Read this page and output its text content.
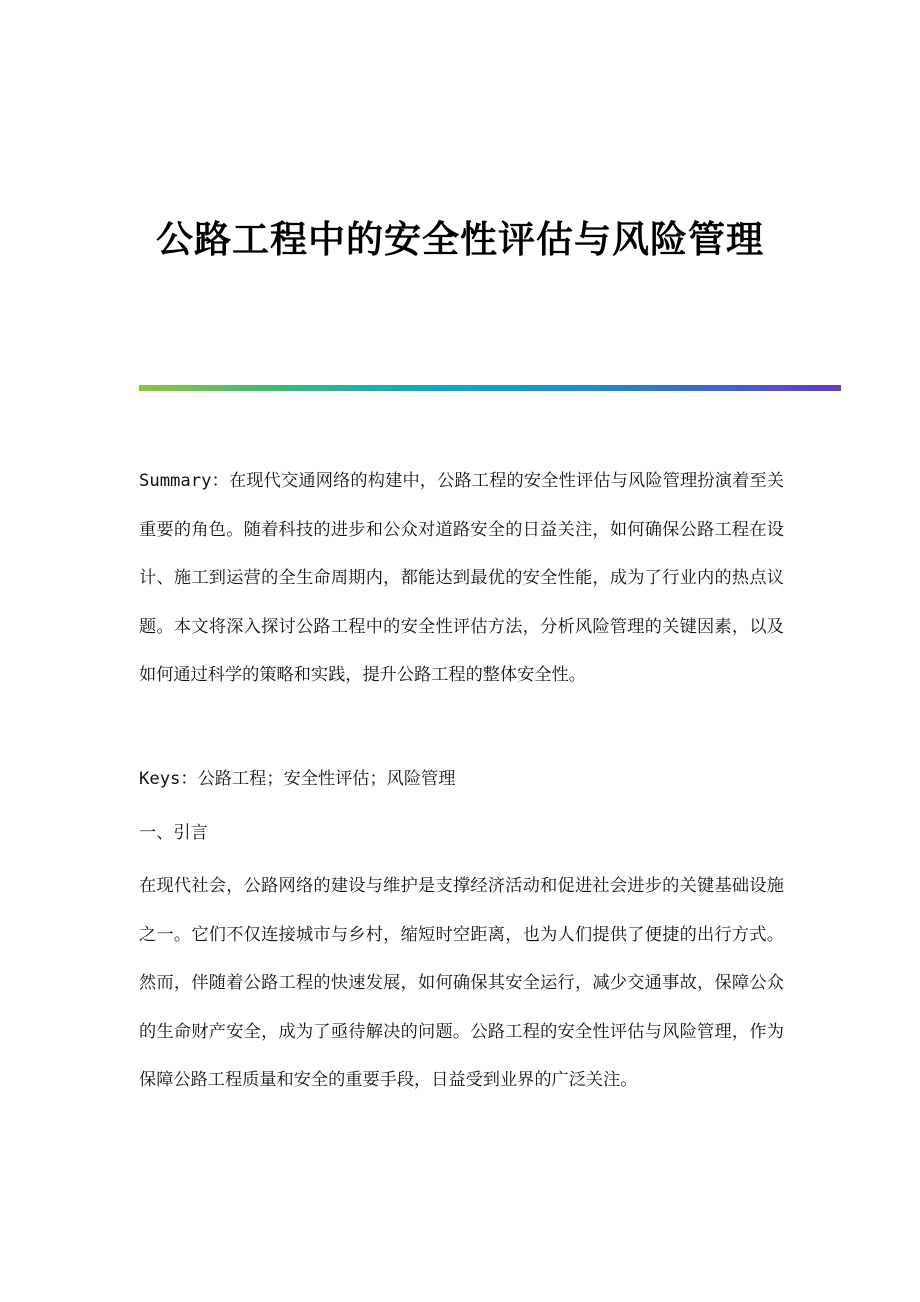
公路工程中的安全性评估与风险管理

Summary：在现代交通网络的构建中，公路工程的安全性评估与风险管理扮演着至关重要的角色。随着科技的进步和公众对道路安全的日益关注，如何确保公路工程在设计、施工到运营的全生命周期内，都能达到最优的安全性能，成为了行业内的热点议题。本文将深入探讨公路工程中的安全性评估方法，分析风险管理的关键因素，以及如何通过科学的策略和实践，提升公路工程的整体安全性。

Keys：公路工程；安全性评估；风险管理

一、引言

在现代社会，公路网络的建设与维护是支撑经济活动和促进社会进步的关键基础设施之一。它们不仅连接城市与乡村，缩短时空距离，也为人们提供了便捷的出行方式。然而，伴随着公路工程的快速发展，如何确保其安全运行，减少交通事故，保障公众的生命财产安全，成为了亟待解决的问题。公路工程的安全性评估与风险管理，作为保障公路工程质量和安全的重要手段，日益受到业界的广泛关注。
